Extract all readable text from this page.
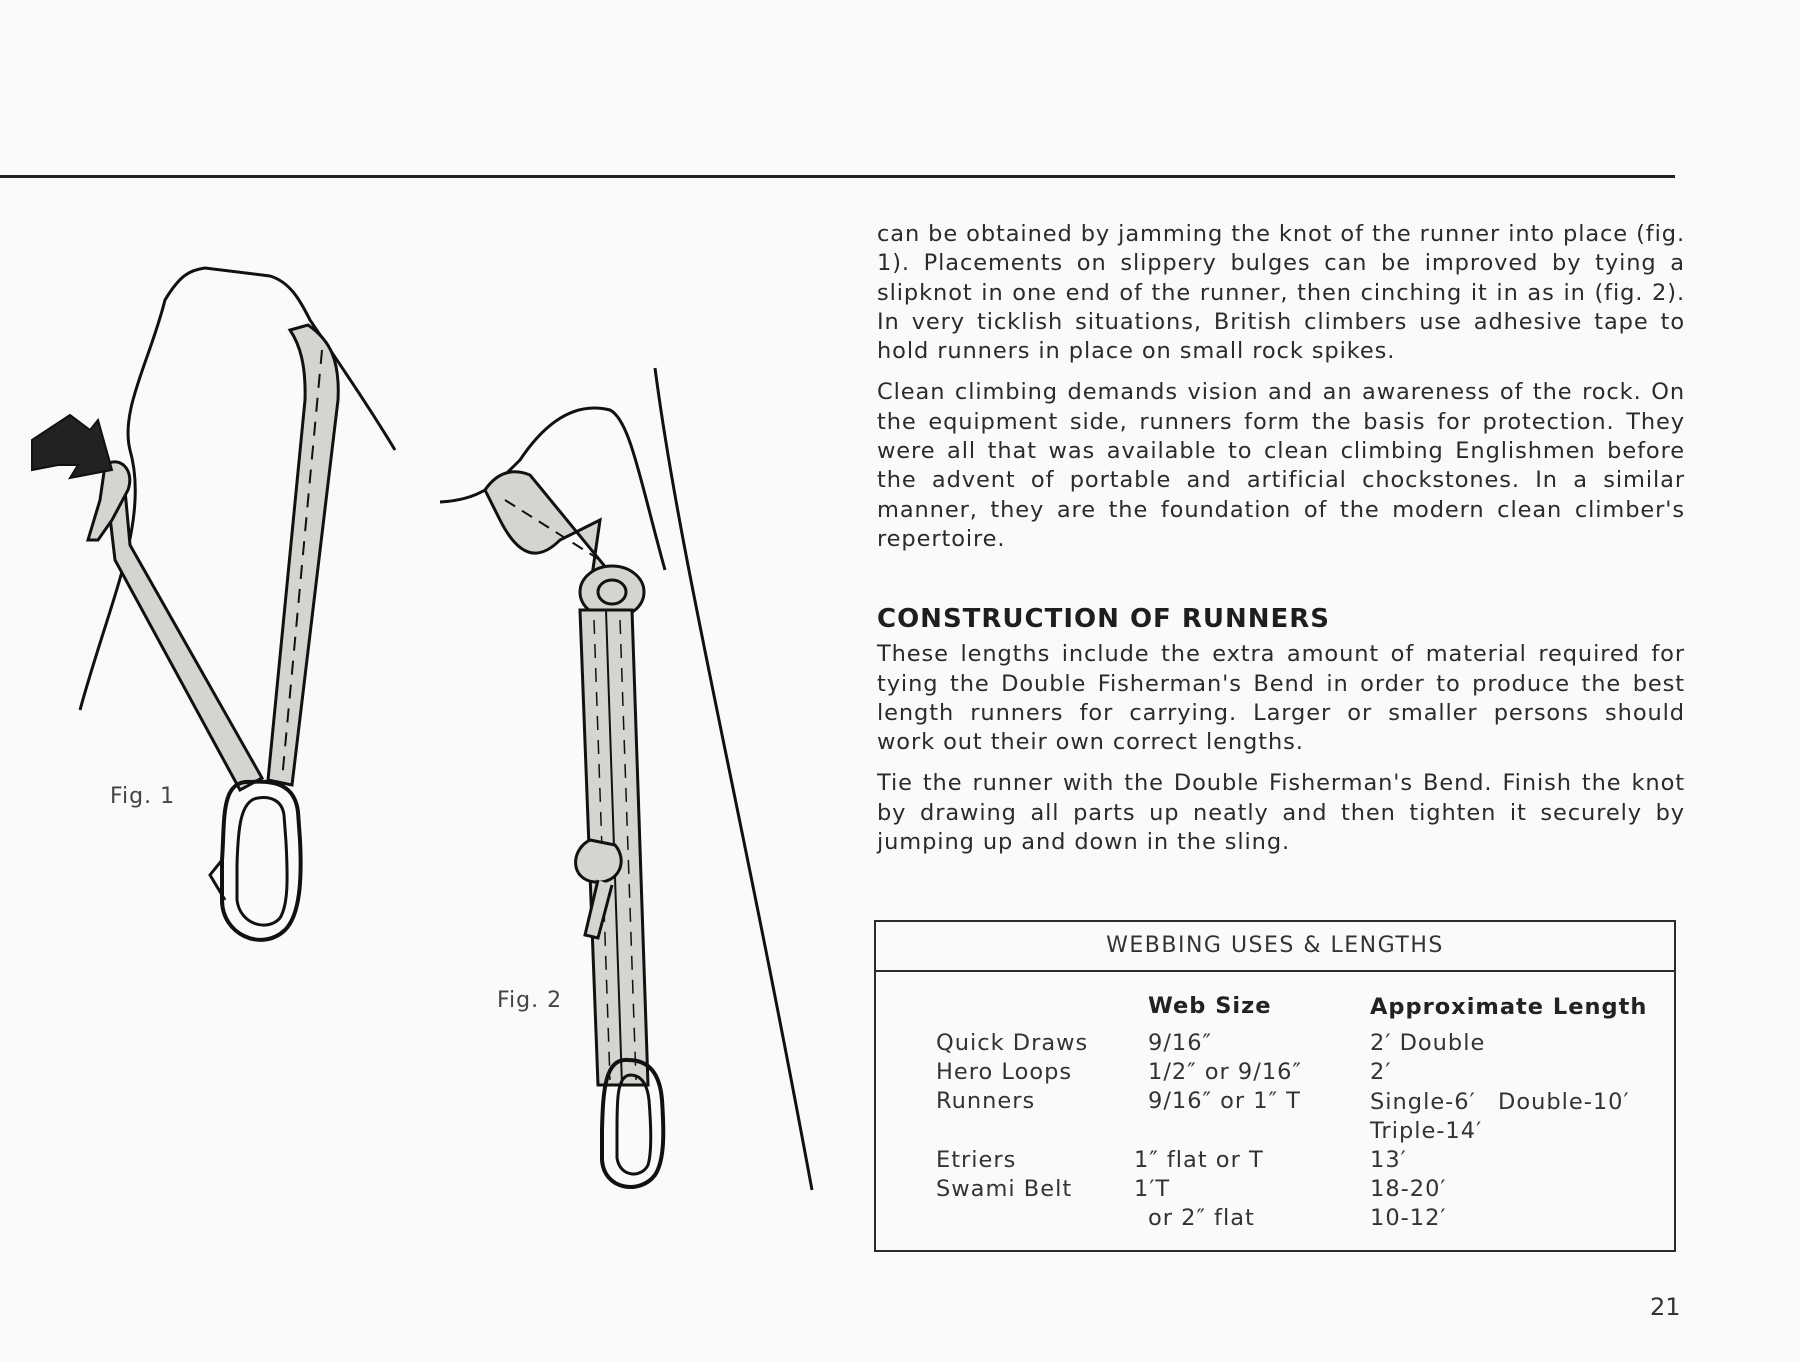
Fig. 1
Fig. 2

can be obtained by jamming the knot of the runner into place (fig. 1). Placements on slippery bulges can be improved by tying a slipknot in one end of the runner, then cinching it in as in (fig. 2). In very ticklish situations, British climbers use adhesive tape to hold runners in place on small rock spikes.

Clean climbing demands vision and an awareness of the rock. On the equipment side, runners form the basis for protection. They were all that was available to clean climbing Englishmen before the advent of portable and artificial chockstones. In a similar manner, they are the foundation of the modern clean climber's repertoire.

CONSTRUCTION OF RUNNERS

These lengths include the extra amount of material required for tying the Double Fisherman's Bend in order to produce the best length runners for carrying. Larger or smaller persons should work out their own correct lengths.

Tie the runner with the Double Fisherman's Bend. Finish the knot by drawing all parts up neatly and then tighten it securely by jumping up and down in the sling.

WEBBING USES & LENGTHS
Web Size	Approximate Length
Quick Draws
Hero Loops
Runners
Etriers
Swami Belt
9/16″
1/2″ or 9/16″
9/16″ or 1″ T
1″ flat or T
1′T
or 2″ flat
2′ Double
2′
Single-6′ Double-10′
Triple-14′
13′
18-20′
10-12′
21
